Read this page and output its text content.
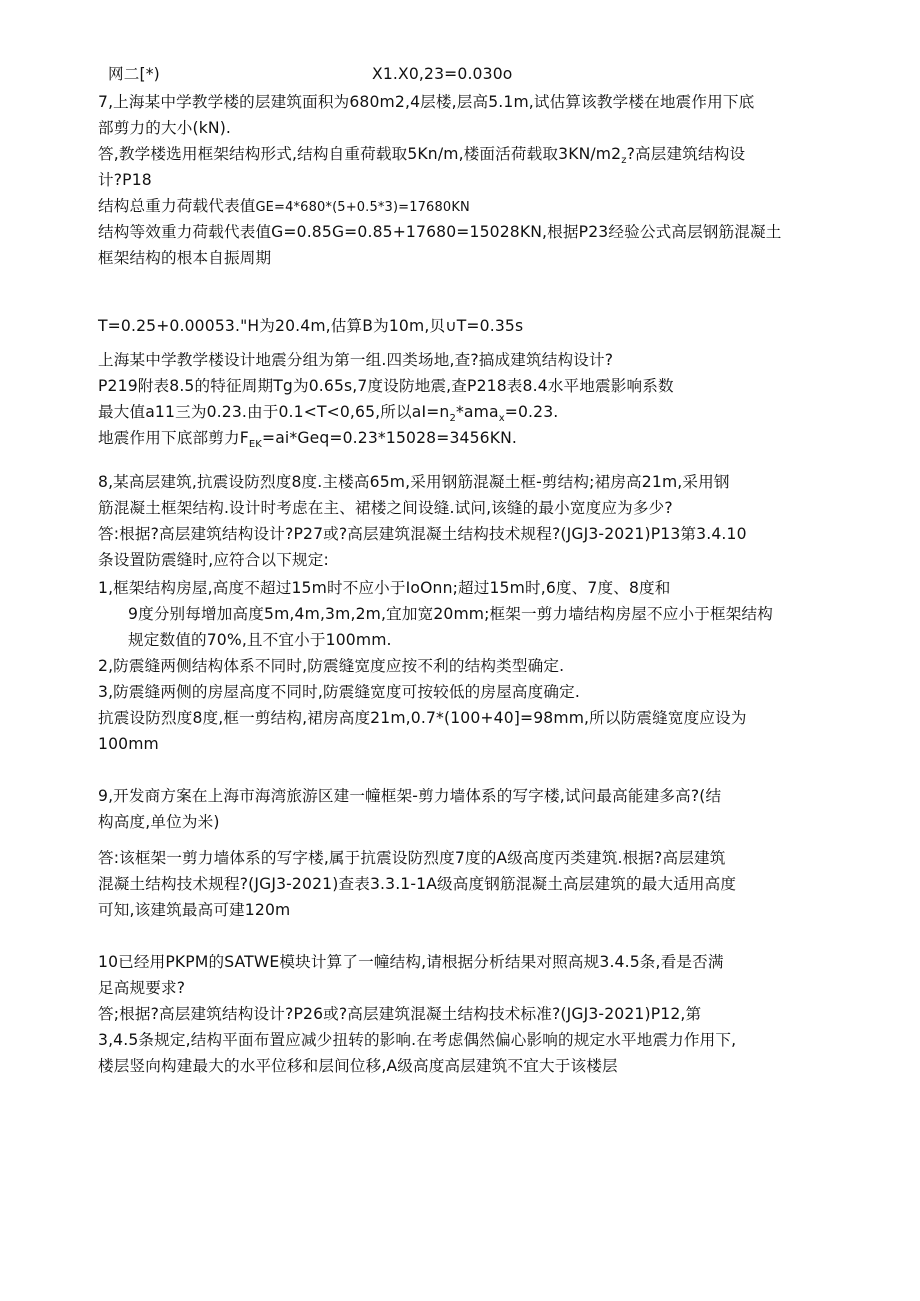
网二[*)	X1.X0,23=0.030o

7,上海某中学教学楼的层建筑面积为680m2,4层楼,层高5.1m,试估算该教学楼在地震作用下底

部剪力的大小(kN).

答,教学楼选用框架结构形式,结构自重荷载取5Kn/m,楼面活荷载取$3KN/m2_z$?高层建筑结构设

计?P18

结构总重力荷载代表值GE=4*680*(5+0.5*3)=17680KN

结构等效重力荷载代表值G=0.85G=0.85+17680=15028KN,根据P23经验公式高层钢筋混凝土

框架结构的根本自振周期

T=0.25+0.00053."H为20.4m,估算B为10m,贝∪T=0.35s

上海某中学教学楼设计地震分组为第一组.四类场地,查?搞成建筑结构设计?

P219附表8.5的特征周期Tg为0.65s,7度设防地震,查P218表8.4水平地震影响系数

最大值a11三为0.23.由于0.1<T<0,65,所以$aI=n_2*ama_x=0.23$.

地震作用下底部剪力$F_{EK}=ai*Geq=0.23*15028=3456KN$.

8,某高层建筑,抗震设防烈度8度.主楼高65m,采用钢筋混凝土框-剪结构;裙房高21m,采用钢

筋混凝土框架结构.设计时考虑在主、裙楼之间设缝.试问,该缝的最小宽度应为多少?

答:根据?高层建筑结构设计?P27或?高层建筑混凝土结构技术规程?(JGJ3-2021)P13第3.4.10

条设置防震缝时,应符合以下规定:

1,框架结构房屋,高度不超过15m时不应小于IoOnn;超过15m时,6度、7度、8度和

9度分别每增加高度5m,4m,3m,2m,宜加宽20mm;框架一剪力墙结构房屋不应小于框架结构

规定数值的70%,且不宜小于100mm.

2,防震缝两侧结构体系不同时,防震缝宽度应按不利的结构类型确定.

3,防震缝两侧的房屋高度不同时,防震缝宽度可按较低的房屋高度确定.

抗震设防烈度8度,框一剪结构,裙房高度21m,0.7*(100+40]=98mm,所以防震缝宽度应设为

100mm

9,开发商方案在上海市海湾旅游区建一幢框架-剪力墙体系的写字楼,试问最高能建多高?(结

构高度,单位为米)

答:该框架一剪力墙体系的写字楼,属于抗震设防烈度7度的A级高度丙类建筑.根据?高层建筑

混凝土结构技术规程?(JGJ3-2021)查表3.3.1-1A级高度钢筋混凝土高层建筑的最大适用高度

可知,该建筑最高可建120m

10已经用PKPM的SATWE模块计算了一幢结构,请根据分析结果对照高规3.4.5条,看是否满

足高规要求?

答;根据?高层建筑结构设计?P26或?高层建筑混凝土结构技术标准?(JGJ3-2021)P12,第

3,4.5条规定,结构平面布置应减少扭转的影响.在考虑偶然偏心影响的规定水平地震力作用下,

楼层竖向构建最大的水平位移和层间位移,A级高度高层建筑不宜大于该楼层
